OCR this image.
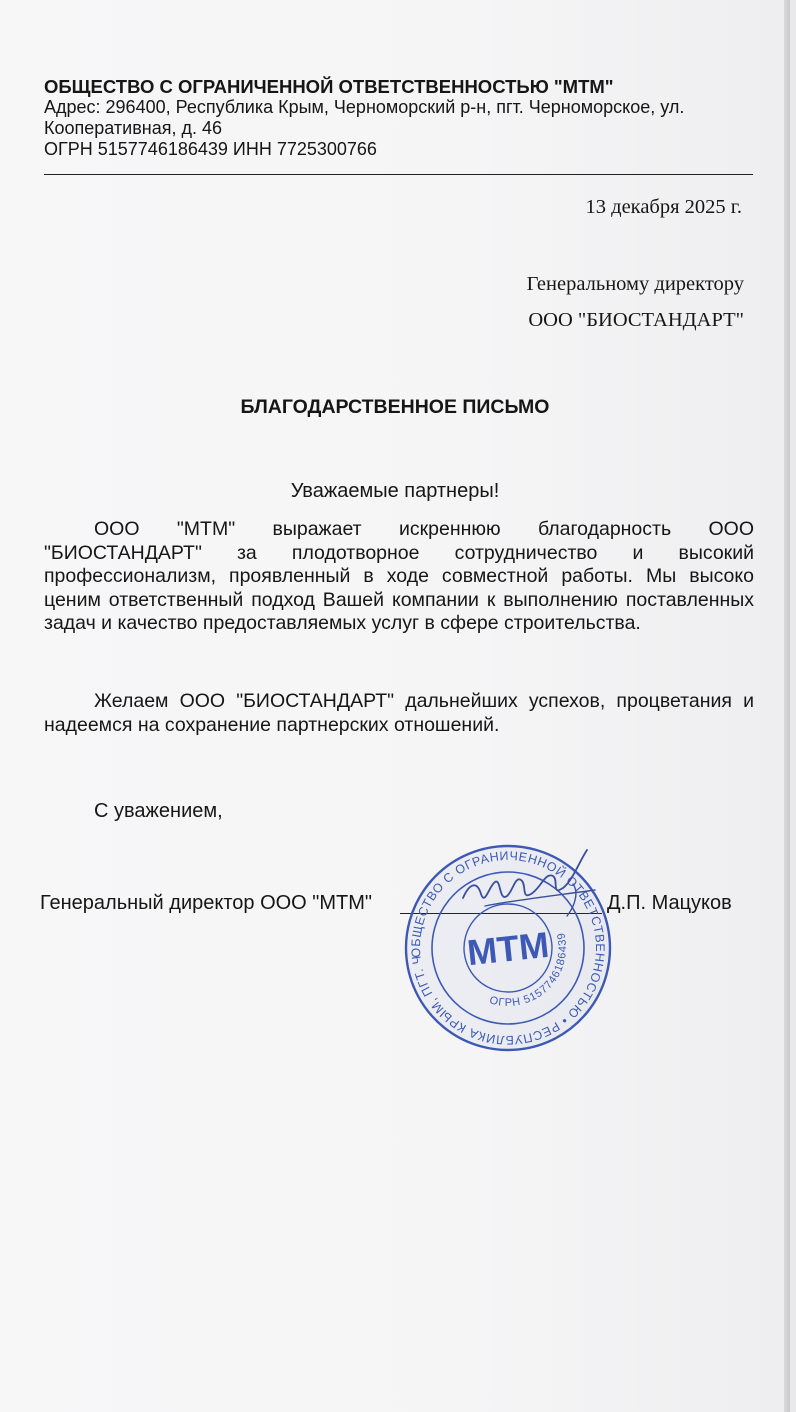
ОБЩЕСТВО С ОГРАНИЧЕННОЙ ОТВЕТСТВЕННОСТЬЮ "МТМ"
Адрес: 296400, Республика Крым, Черноморский р-н, пгт. Черноморское, ул.
Кооперативная, д. 46
ОГРН 5157746186439 ИНН 7725300766
13 декабря 2025 г.
Генеральному директору
ООО "БИОСТАНДАРТ"
БЛАГОДАРСТВЕННОЕ ПИСЬМО
Уважаемые партнеры!
ООО "МТМ" выражает искреннюю благодарность ООО "БИОСТАНДАРТ" за плодотворное сотрудничество и высокий профессионализм, проявленный в ходе совместной работы. Мы высоко ценим ответственный подход Вашей компании к выполнению поставленных задач и качество предоставляемых услуг в сфере строительства.
Желаем ООО "БИОСТАНДАРТ" дальнейших успехов, процветания и надеемся на сохранение партнерских отношений.
С уважением,
Генеральный директор ООО "МТМ"	Д.П. Мацуков
ОБЩЕСТВО С ОГРАНИЧЕННОЙ ОТВЕТСТВЕННОСТЬЮ • РЕСПУБЛИКА КРЫМ, ПГТ. ЧЕРНОМОРСКОЕ •
ОГРН 5157746186439
МТМ
